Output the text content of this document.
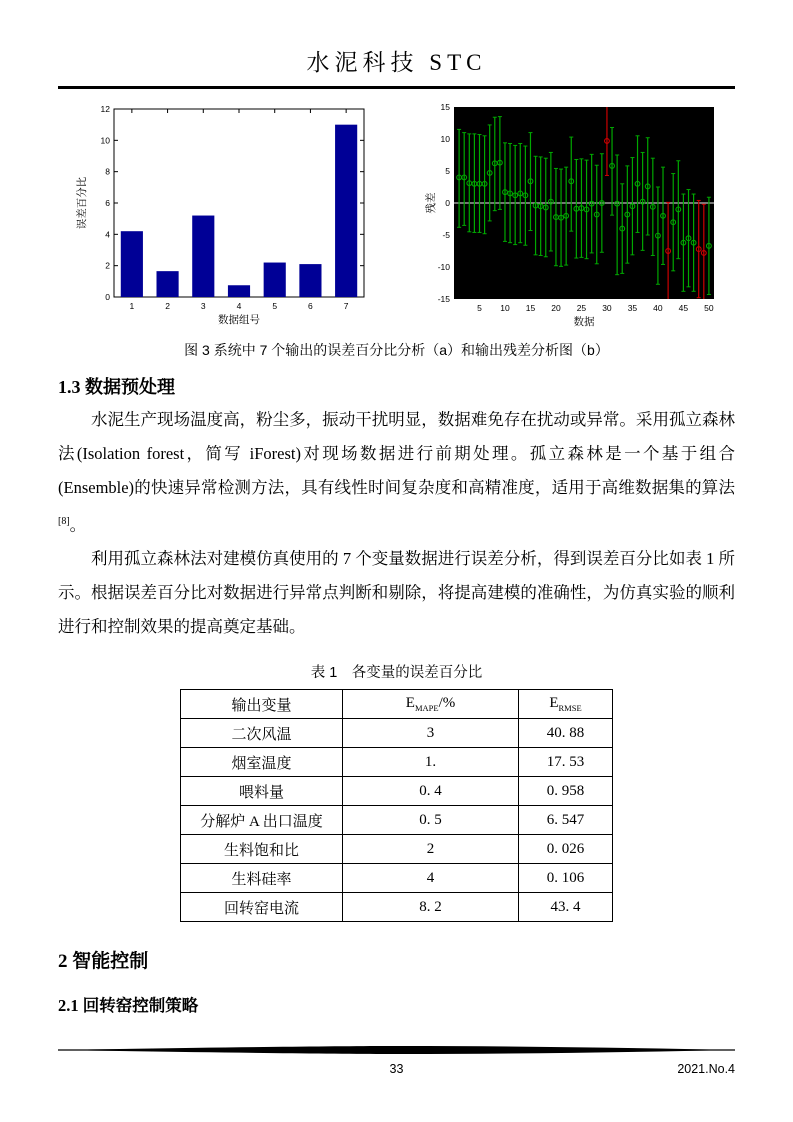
水泥科技 STC
0
2
4
6
8
10
12
1	2	3	4	5	6	7
数据组号
误差百分比
-15
-10
-5
0
5
10
15
5 10 15 20 25 30 35 40 45 50
数据
残差
图 3 系统中 7 个输出的误差百分比分析（a）和输出残差分析图（b）
1.3 数据预处理

水泥生产现场温度高，粉尘多，振动干扰明显，数据难免存在扰动或异常。采用孤立森林法(Isolation forest，简写 iForest)对现场数据进行前期处理。孤立森林是一个基于组合(Ensemble)的快速异常检测方法，具有线性时间复杂度和高精准度，适用于高维数据集的算法[8]。

利用孤立森林法对建模仿真使用的 7 个变量数据进行误差分析，得到误差百分比如表 1 所示。根据误差百分比对数据进行异常点判断和剔除，将提高建模的准确性，为仿真实验的顺利进行和控制效果的提高奠定基础。

表 1　各变量的误差百分比
输出变量	$E_{MAPE}/\%$	$E_{RMSE}$
二次风温	3	40. 88
烟室温度	1.	17. 53
喂料量	0. 4	0. 958
分解炉 A 出口温度	0. 5	6. 547
生料饱和比	2	0. 026
生料硅率	4	0. 106
回转窑电流	8. 2	43. 4
2 智能控制
2.1 回转窑控制策略
33	2021.No.4
